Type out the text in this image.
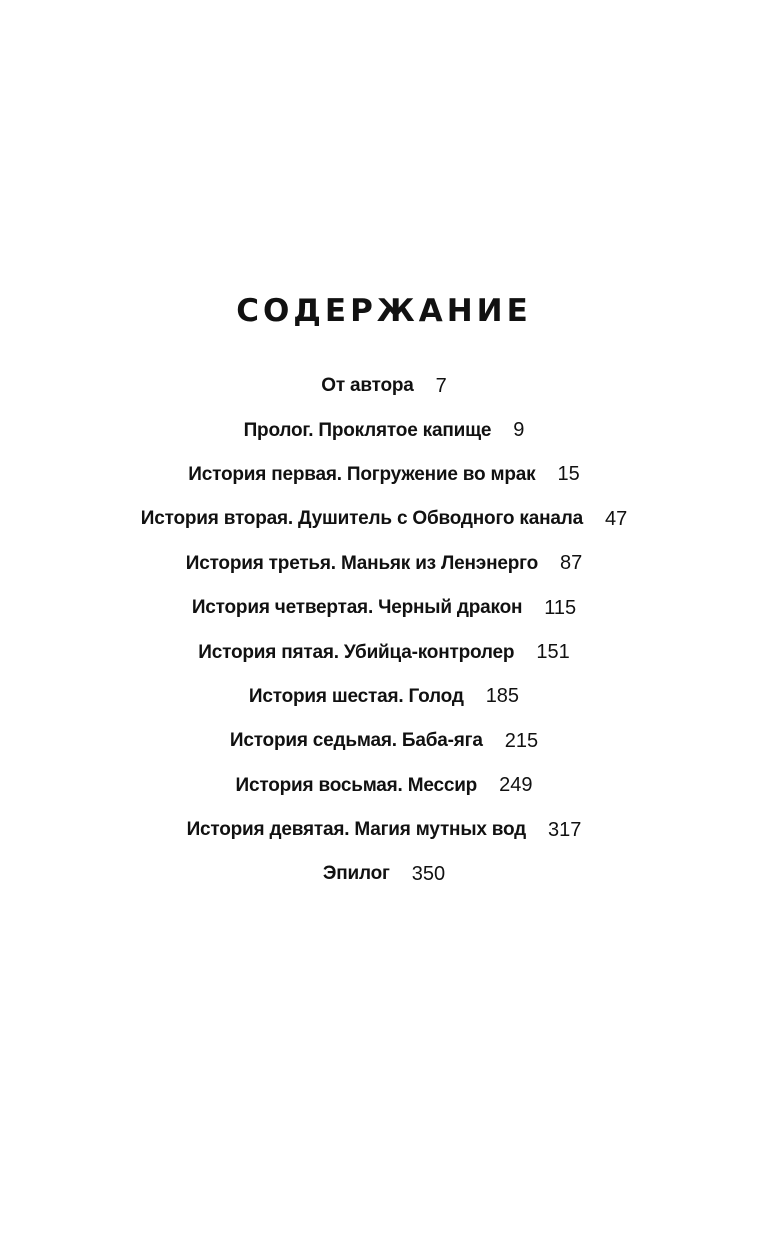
СОДЕРЖАНИЕ
От автора 7
Пролог. Проклятое капище 9
История первая. Погружение во мрак 15
История вторая. Душитель с Обводного канала 47
История третья. Маньяк из Ленэнерго 87
История четвертая. Черный дракон 115
История пятая. Убийца-контролер 151
История шестая. Голод 185
История седьмая. Баба-яга 215
История восьмая. Мессир 249
История девятая. Магия мутных вод 317
Эпилог 350
